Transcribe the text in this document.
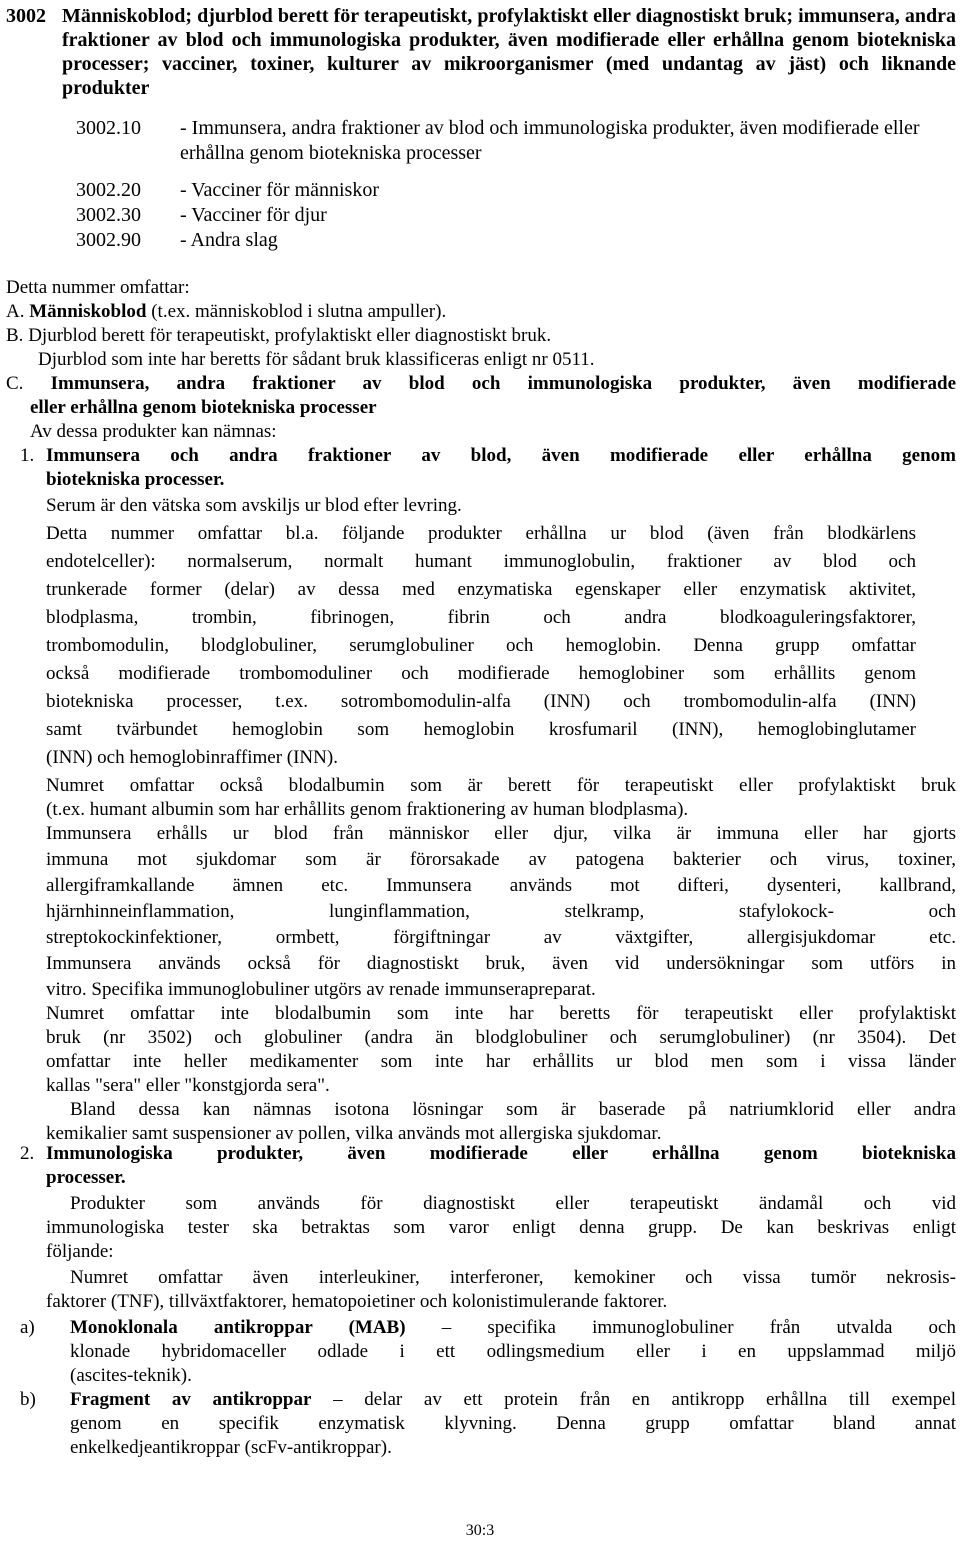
3002 Människoblod; djurblod berett för terapeutiskt, profylaktiskt eller diagnostiskt bruk; immunsera, andra fraktioner av blod och immunologiska produkter, även modifierade eller erhållna genom biotekniska processer; vacciner, toxiner, kulturer av mikroorganismer (med undantag av jäst) och liknande produkter
3002.10 - Immunsera, andra fraktioner av blod och immunologiska produkter, även modifierade eller erhållna genom biotekniska processer
3002.20 - Vacciner för människor
3002.30 - Vacciner för djur
3002.90 - Andra slag
Detta nummer omfattar:
A. Människoblod (t.ex. människoblod i slutna ampuller).
B. Djurblod berett för terapeutiskt, profylaktiskt eller diagnostiskt bruk.
Djurblod som inte har beretts för sådant bruk klassificeras enligt nr 0511.
C. Immunsera, andra fraktioner av blod och immunologiska produkter, även modifierade
eller erhållna genom biotekniska processer
Av dessa produkter kan nämnas:
1. Immunsera och andra fraktioner av blod, även modifierade eller erhållna genom
biotekniska processer.
Serum är den vätska som avskiljs ur blod efter levring.
Detta nummer omfattar bl.a. följande produkter erhållna ur blod (även från blodkärlens
endotelceller): normalserum, normalt humant immunoglobulin, fraktioner av blod och
trunkerade former (delar) av dessa med enzymatiska egenskaper eller enzymatisk aktivitet,
blodplasma, trombin, fibrinogen, fibrin och andra blodkoaguleringsfaktorer,
trombomodulin, blodglobuliner, serumglobuliner och hemoglobin. Denna grupp omfattar
också modifierade trombomoduliner och modifierade hemoglobiner som erhållits genom
biotekniska processer, t.ex. sotrombomodulin-alfa (INN) och trombomodulin-alfa (INN)
samt tvärbundet hemoglobin som hemoglobin krosfumaril (INN), hemoglobinglutamer
(INN) och hemoglobinraffimer (INN).
Numret omfattar också blodalbumin som är berett för terapeutiskt eller profylaktiskt bruk
(t.ex. humant albumin som har erhållits genom fraktionering av human blodplasma).
Immunsera erhålls ur blod från människor eller djur, vilka är immuna eller har gjorts
immuna mot sjukdomar som är förorsakade av patogena bakterier och virus, toxiner,
allergiframkallande ämnen etc. Immunsera används mot difteri, dysenteri, kallbrand,
hjärnhinneinflammation, lunginflammation, stelkramp, stafylokock- och
streptokockinfektioner, ormbett, förgiftningar av växtgifter, allergisjukdomar etc.
Immunsera används också för diagnostiskt bruk, även vid undersökningar som utförs in
vitro. Specifika immunoglobuliner utgörs av renade immunserapreparat.
Numret omfattar inte blodalbumin som inte har beretts för terapeutiskt eller profylaktiskt
bruk (nr 3502) och globuliner (andra än blodglobuliner och serumglobuliner) (nr 3504). Det
omfattar inte heller medikamenter som inte har erhållits ur blod men som i vissa länder
kallas "sera" eller "konstgjorda sera".
Bland dessa kan nämnas isotona lösningar som är baserade på natriumklorid eller andra
kemikalier samt suspensioner av pollen, vilka används mot allergiska sjukdomar.
2. Immunologiska produkter, även modifierade eller erhållna genom biotekniska
processer.
Produkter som används för diagnostiskt eller terapeutiskt ändamål och vid
immunologiska tester ska betraktas som varor enligt denna grupp. De kan beskrivas enligt
följande:
Numret omfattar även interleukiner, interferoner, kemokiner och vissa tumör nekrosis-
faktorer (TNF), tillväxtfaktorer, hematopoietiner och kolonistimulerande faktorer.
a) Monoklonala antikroppar (MAB) – specifika immunoglobuliner från utvalda och
klonade hybridomaceller odlade i ett odlingsmedium eller i en uppslammad miljö
(ascites-teknik).
b) Fragment av antikroppar – delar av ett protein från en antikropp erhållna till exempel
genom en specifik enzymatisk klyvning. Denna grupp omfattar bland annat
enkelkedjeantikroppar (scFv-antikroppar).
30:3
